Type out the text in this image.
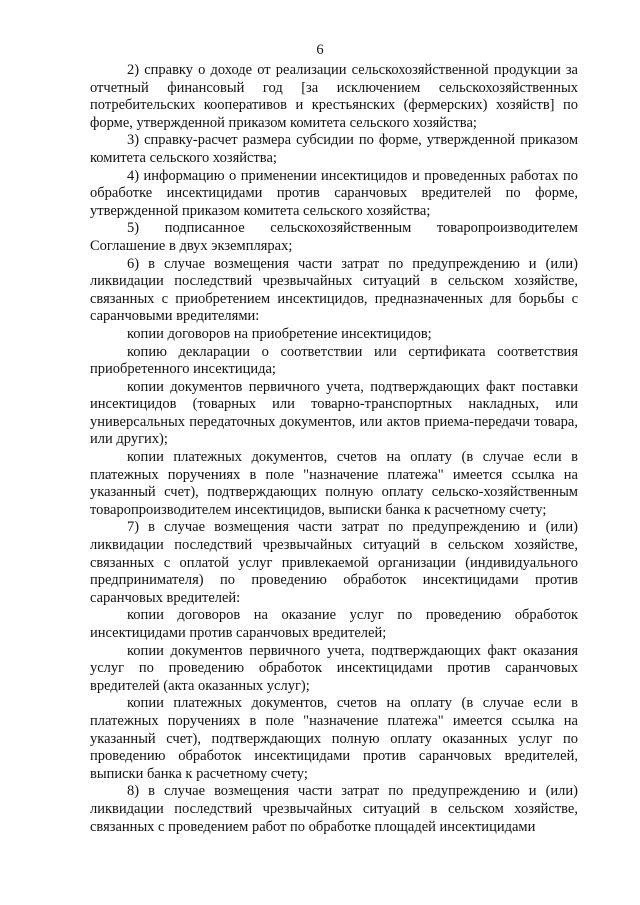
6

2) справку о доходе от реализации сельскохозяйственной продукции за отчетный финансовый год [за исключением сельскохозяйственных потребительских кооперативов и крестьянских (фермерских) хозяйств] по форме, утвержденной приказом комитета сельского хозяйства;

3) справку-расчет размера субсидии по форме, утвержденной приказом комитета сельского хозяйства;

4) информацию о применении инсектицидов и проведенных работах по обработке инсектицидами против саранчовых вредителей по форме, утвержденной приказом комитета сельского хозяйства;

5) подписанное сельскохозяйственным товаропроизводителем Соглашение в двух экземплярах;

6) в случае возмещения части затрат по предупреждению и (или) ликвидации последствий чрезвычайных ситуаций в сельском хозяйстве, связанных с приобретением инсектицидов, предназначенных для борьбы с саранчовыми вредителями:

копии договоров на приобретение инсектицидов;

копию декларации о соответствии или сертификата соответствия приобретенного инсектицида;

копии документов первичного учета, подтверждающих факт поставки инсектицидов (товарных или товарно-транспортных накладных, или универсальных передаточных документов, или актов приема-передачи товара, или других);

копии платежных документов, счетов на оплату (в случае если в платежных поручениях в поле "назначение платежа" имеется ссылка на указанный счет), подтверждающих полную оплату сельско-хозяйственным товаропроизводителем инсектицидов, выписки банка к расчетному счету;

7) в случае возмещения части затрат по предупреждению и (или) ликвидации последствий чрезвычайных ситуаций в сельском хозяйстве, связанных с оплатой услуг привлекаемой организации (индивидуального предпринимателя) по проведению обработок инсектицидами против саранчовых вредителей:

копии договоров на оказание услуг по проведению обработок инсектицидами против саранчовых вредителей;

копии документов первичного учета, подтверждающих факт оказания услуг по проведению обработок инсектицидами против саранчовых вредителей (акта оказанных услуг);

копии платежных документов, счетов на оплату (в случае если в платежных поручениях в поле "назначение платежа" имеется ссылка на указанный счет), подтверждающих полную оплату оказанных услуг по проведению обработок инсектицидами против саранчовых вредителей, выписки банка к расчетному счету;

8) в случае возмещения части затрат по предупреждению и (или) ликвидации последствий чрезвычайных ситуаций в сельском хозяйстве, связанных с проведением работ по обработке площадей инсектицидами
